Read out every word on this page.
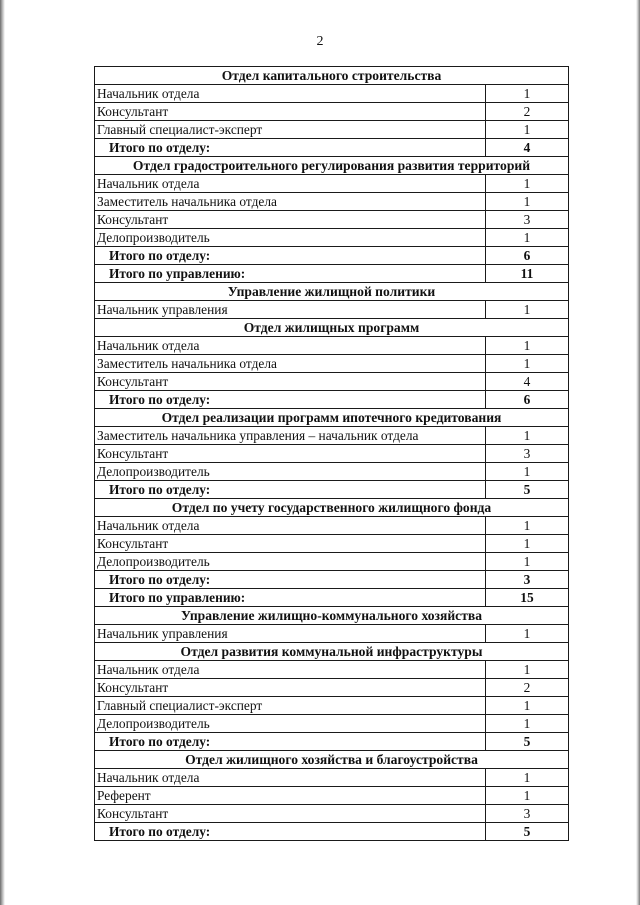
2
Отдел капитального строительства	
Начальник отдела	1
Консультант	2
Главный специалист-эксперт	1
Итого по отделу:	4
Отдел градостроительного регулирования развития территорий	
Начальник отдела	1
Заместитель начальника отдела	1
Консультант	3
Делопроизводитель	1
Итого по отделу:	6
Итого по управлению:	11
Управление жилищной политики	
Начальник управления	1
Отдел жилищных программ	
Начальник отдела	1
Заместитель начальника отдела	1
Консультант	4
Итого по отделу:	6
Отдел реализации программ ипотечного кредитования	
Заместитель начальника управления – начальник отдела	1
Консультант	3
Делопроизводитель	1
Итого по отделу:	5
Отдел по учету государственного жилищного фонда	
Начальник отдела	1
Консультант	1
Делопроизводитель	1
Итого по отделу:	3
Итого по управлению:	15
Управление жилищно-коммунального хозяйства	
Начальник управления	1
Отдел развития коммунальной инфраструктуры	
Начальник отдела	1
Консультант	2
Главный специалист-эксперт	1
Делопроизводитель	1
Итого по отделу:	5
Отдел жилищного хозяйства и благоустройства	
Начальник отдела	1
Референт	1
Консультант	3
Итого по отделу:	5
